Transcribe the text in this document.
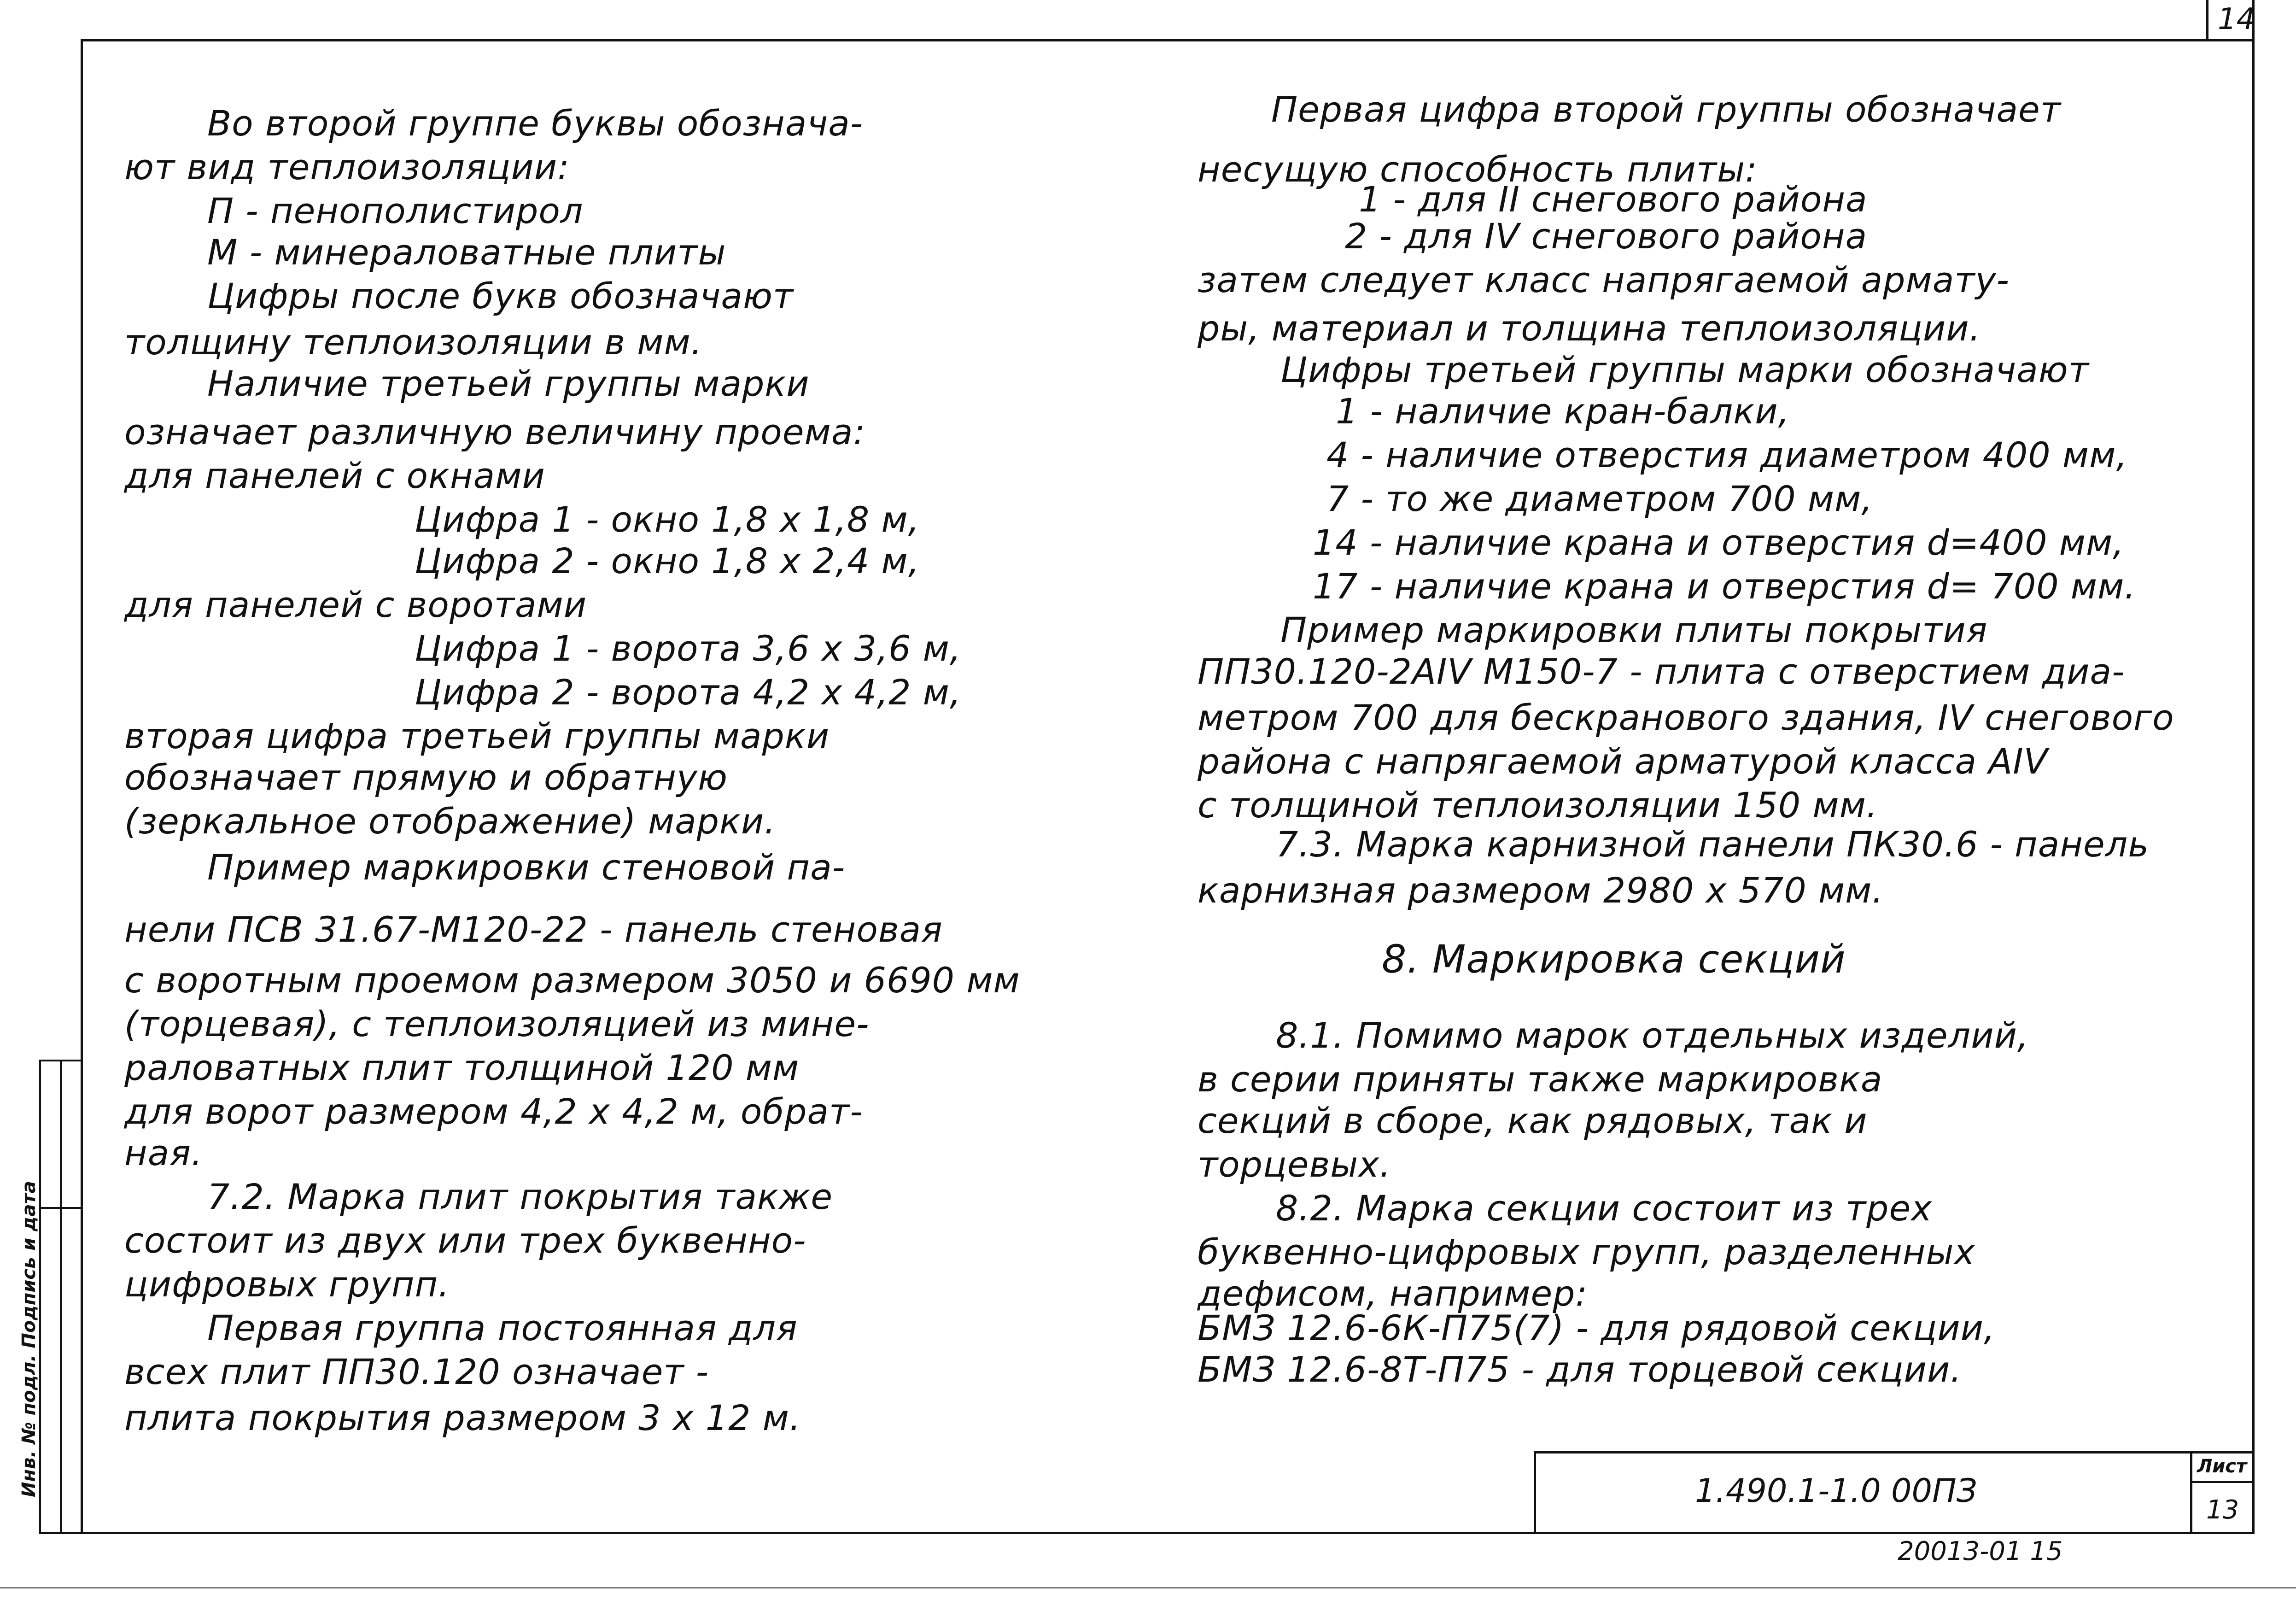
14
Инв. № подл. Подпись и дата
Во второй группе буквы обознача-
ют вид теплоизоляции:
П - пенополистирол
М - минераловатные плиты
Цифры после букв обозначают
толщину теплоизоляции в мм.
Наличие третьей группы марки
означает различную величину проема:
для панелей с окнами
Цифра 1 - окно 1,8 х 1,8 м,
Цифра 2 - окно 1,8 х 2,4 м,
для панелей с воротами
Цифра 1 - ворота 3,6 х 3,6 м,
Цифра 2 - ворота 4,2 х 4,2 м,
вторая цифра третьей группы марки
обозначает прямую и обратную
(зеркальное отображение) марки.
Пример маркировки стеновой па-
нели ПСВ 31.67-М120-22 - панель стеновая
с воротным проемом размером 3050 и 6690 мм
(торцевая), с теплоизоляцией из мине-
раловатных плит толщиной 120 мм
для ворот размером 4,2 х 4,2 м, обрат-
ная.
7.2. Марка плит покрытия также
состоит из двух или трех буквенно-
цифровых групп.
Первая группа постоянная для
всех плит ПП30.120 означает -
плита покрытия размером 3 х 12 м.
Первая цифра второй группы обозначает
несущую способность плиты:
1 - для II снегового района
2 - для IV снегового района
затем следует класс напрягаемой армату-
ры, материал и толщина теплоизоляции.
Цифры третьей группы марки обозначают
1 - наличие кран-балки,
4 - наличие отверстия диаметром 400 мм,
7 - то же диаметром 700 мм,
14 - наличие крана и отверстия d=400 мм,
17 - наличие крана и отверстия d= 700 мм.
Пример маркировки плиты покрытия
ПП30.120-2АIV М150-7 - плита с отверстием диа-
метром 700 для бескранового здания, IV снегового
района с напрягаемой арматурой класса АIV
с толщиной теплоизоляции 150 мм.
7.3. Марка карнизной панели ПК30.6 - панель
карнизная размером 2980 х 570 мм.
8. Маркировка секций
8.1. Помимо марок отдельных изделий,
в серии приняты также маркировка
секций в сборе, как рядовых, так и
торцевых.
8.2. Марка секции состоит из трех
буквенно-цифровых групп, разделенных
дефисом, например:
БМЗ 12.6-6К-П75(7) - для рядовой секции,
БМЗ 12.6-8Т-П75 - для торцевой секции.
1.490.1-1.0 00ПЗ
Лист
13
20013-01 15
